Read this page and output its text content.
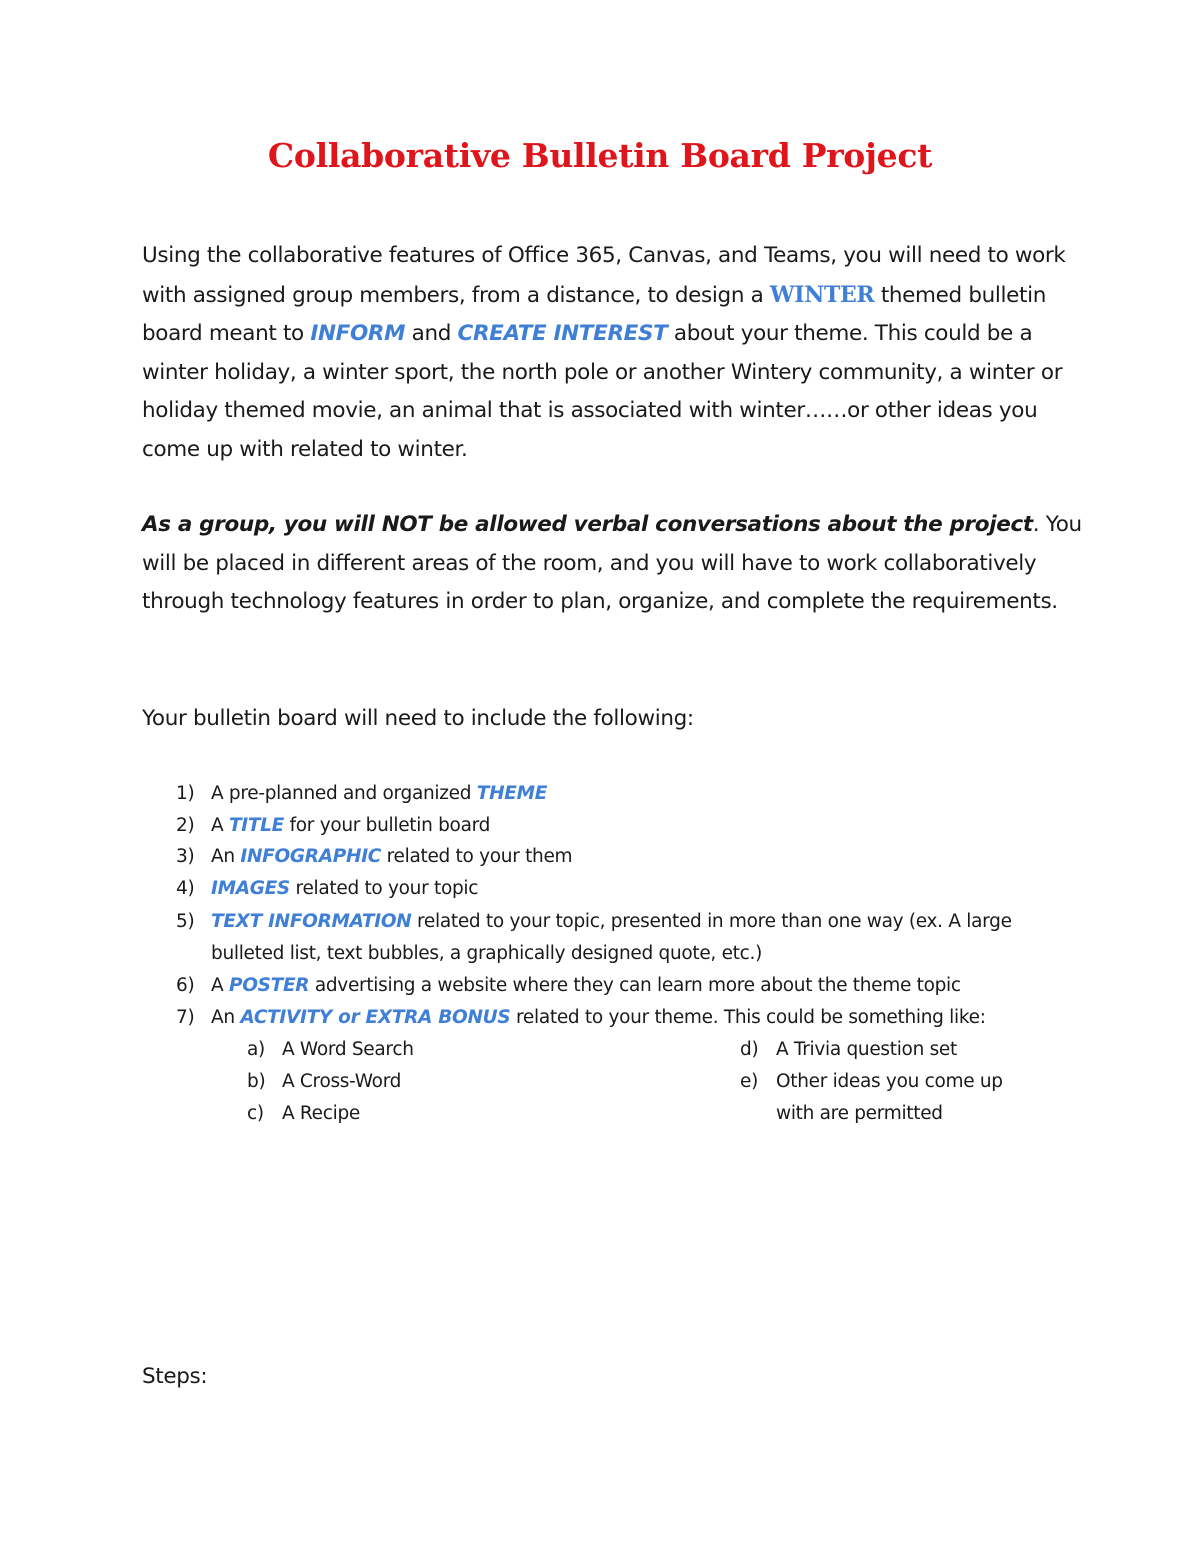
Collaborative Bulletin Board Project
Using the collaborative features of Office 365, Canvas, and Teams, you will need to work with assigned group members, from a distance, to design a WINTER themed bulletin board meant to INFORM and CREATE INTEREST about your theme. This could be a winter holiday, a winter sport, the north pole or another Wintery community, a winter or holiday themed movie, an animal that is associated with winter……or other ideas you come up with related to winter.
As a group, you will NOT be allowed verbal conversations about the project. You will be placed in different areas of the room, and you will have to work collaboratively through technology features in order to plan, organize, and complete the requirements.
Your bulletin board will need to include the following:
1) A pre-planned and organized THEME
2) A TITLE for your bulletin board
3) An INFOGRAPHIC related to your them
4) IMAGES related to your topic
5) TEXT INFORMATION related to your topic, presented in more than one way (ex. A large
bulleted list, text bubbles, a graphically designed quote, etc.)
6) A POSTER advertising a website where they can learn more about the theme topic
7) An ACTIVITY or EXTRA BONUS related to your theme. This could be something like:
a) A Word Search
b) A Cross-Word
c) A Recipe
d) A Trivia question set
e) Other ideas you come up
with are permitted
Steps:
